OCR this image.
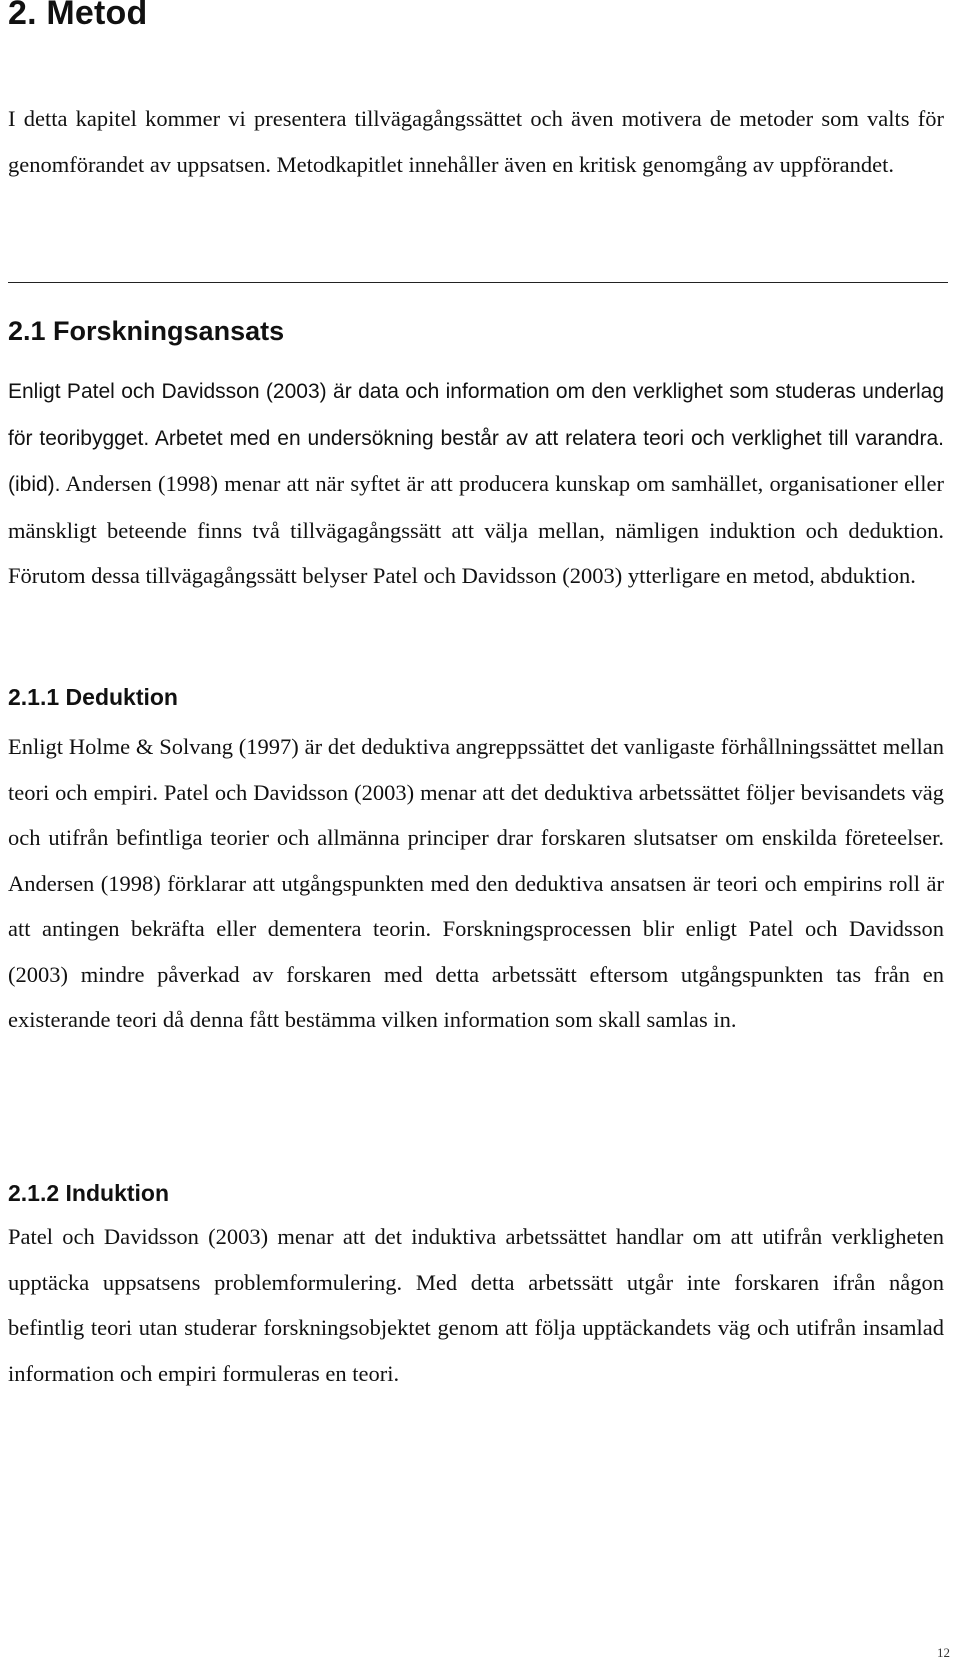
2. Metod

I detta kapitel kommer vi presentera tillvägagångssättet och även motivera de metoder som valts för genomförandet av uppsatsen. Metodkapitlet innehåller även en kritisk genomgång av uppförandet.

2.1 Forskningsansats

Enligt Patel och Davidsson (2003) är data och information om den verklighet som studeras underlag för teoribygget. Arbetet med en undersökning består av att relatera teori och verklighet till varandra. (ibid). Andersen (1998) menar att när syftet är att producera kunskap om samhället, organisationer eller mänskligt beteende finns två tillvägagångssätt att välja mellan, nämligen induktion och deduktion. Förutom dessa tillvägagångssätt belyser Patel och Davidsson (2003) ytterligare en metod, abduktion.

2.1.1 Deduktion

Enligt Holme & Solvang (1997) är det deduktiva angreppssättet det vanligaste förhållningssättet mellan teori och empiri. Patel och Davidsson (2003) menar att det deduktiva arbetssättet följer bevisandets väg och utifrån befintliga teorier och allmänna principer drar forskaren slutsatser om enskilda företeelser. Andersen (1998) förklarar att utgångspunkten med den deduktiva ansatsen är teori och empirins roll är att antingen bekräfta eller dementera teorin. Forskningsprocessen blir enligt Patel och Davidsson (2003) mindre påverkad av forskaren med detta arbetssätt eftersom utgångspunkten tas från en existerande teori då denna fått bestämma vilken information som skall samlas in.

2.1.2 Induktion

Patel och Davidsson (2003) menar att det induktiva arbetssättet handlar om att utifrån verkligheten upptäcka uppsatsens problemformulering. Med detta arbetssätt utgår inte forskaren ifrån någon befintlig teori utan studerar forskningsobjektet genom att följa upptäckandets väg och utifrån insamlad information och empiri formuleras en teori.

12
